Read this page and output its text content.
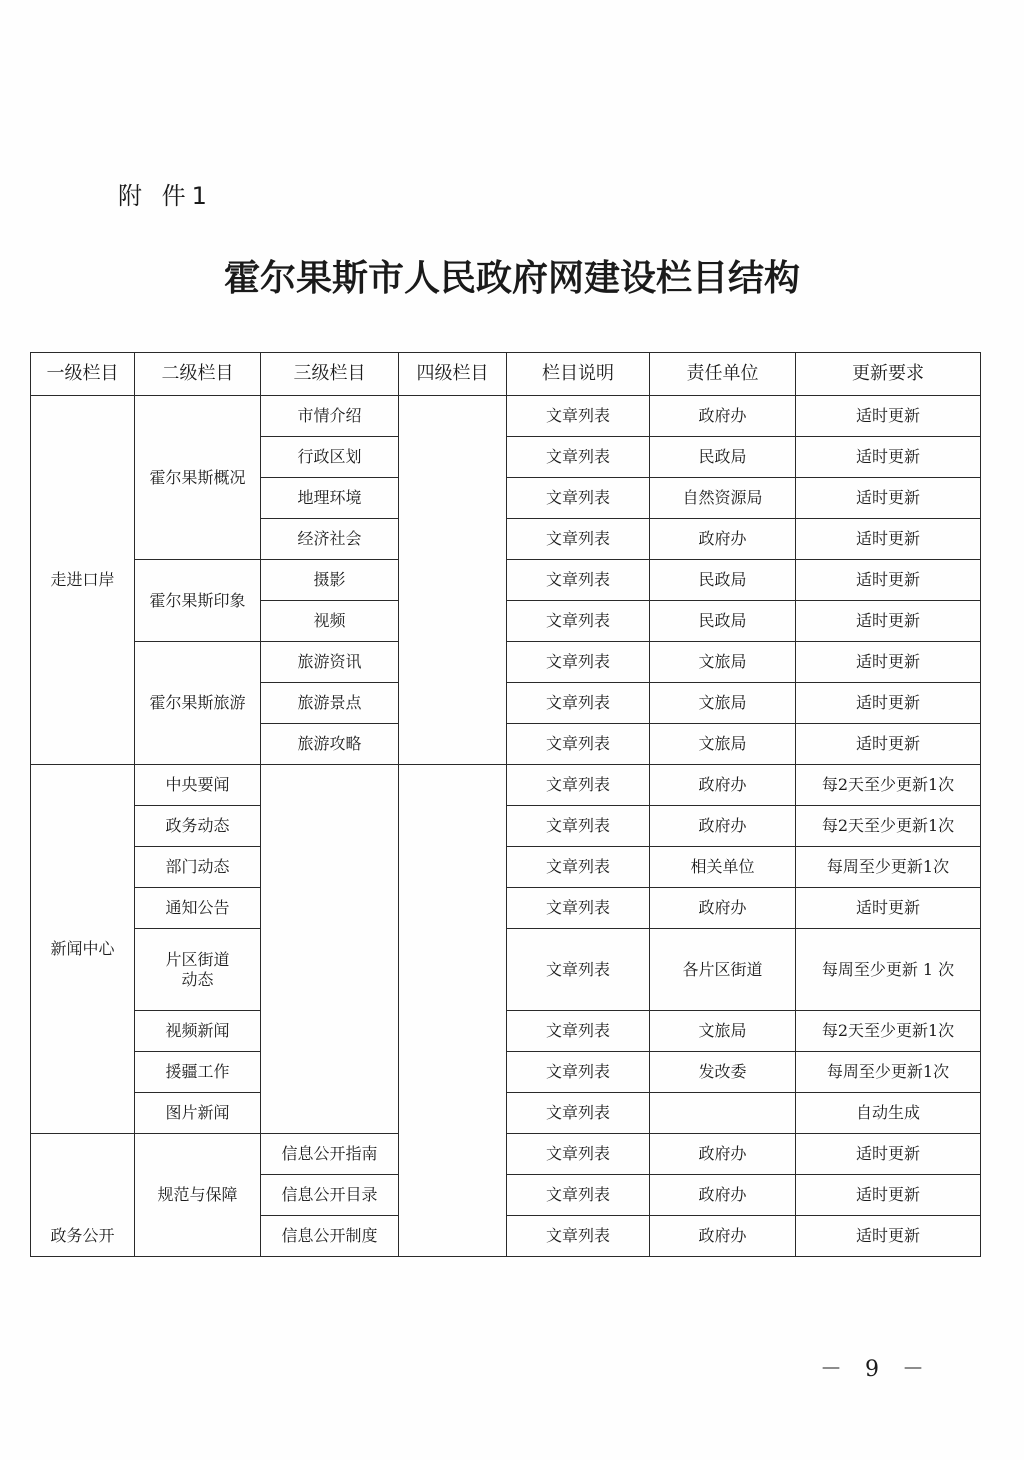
附 件1
霍尔果斯市人民政府网建设栏目结构
一级栏目	二级栏目	三级栏目	四级栏目	栏目说明	责任单位	更新要求
走进口岸	霍尔果斯概况	市情介绍		文章列表	政府办	适时更新
		行政区划		文章列表	民政局	适时更新
		地理环境		文章列表	自然资源局	适时更新
		经济社会		文章列表	政府办	适时更新
	霍尔果斯印象	摄影		文章列表	民政局	适时更新
		视频		文章列表	民政局	适时更新
	霍尔果斯旅游	旅游资讯		文章列表	文旅局	适时更新
		旅游景点		文章列表	文旅局	适时更新
		旅游攻略		文章列表	文旅局	适时更新
新闻中心	中央要闻			文章列表	政府办	每2天至少更新1次
	政务动态			文章列表	政府办	每2天至少更新1次
	部门动态			文章列表	相关单位	每周至少更新1次
	通知公告			文章列表	政府办	适时更新
	片区街道动态			文章列表	各片区街道	每周至少更新 1 次
	视频新闻			文章列表	文旅局	每2天至少更新1次
	援疆工作			文章列表	发改委	每周至少更新1次
	图片新闻			文章列表		自动生成
政务公开	规范与保障	信息公开指南		文章列表	政府办	适时更新
		信息公开目录		文章列表	政府办	适时更新
		信息公开制度		文章列表	政府办	适时更新
－ 9 －
